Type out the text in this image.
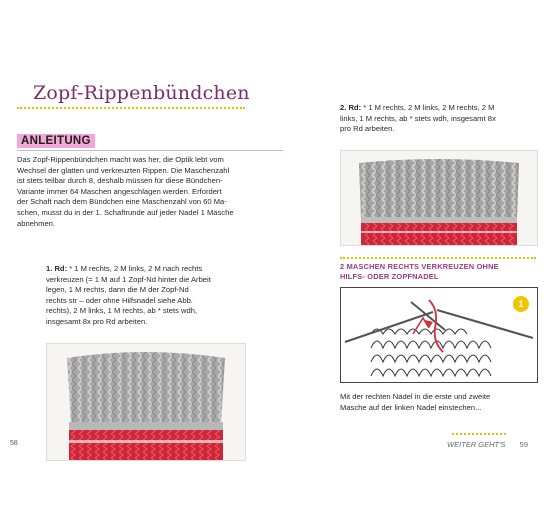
Zopf-Rippenbündchen
ANLEITUNG
Das Zopf-Rippenbündchen macht was her, die Optik lebt vom
Wechsel der glatten und verkreuzten Rippen. Die Maschenzahl
ist stets teilbar durch 8, deshalb müssen für diese Bündchen-
Variante immer 64 Maschen angeschlagen werden. Erfordert
der Schaft nach dem Bündchen eine Maschenzahl von 60 Ma-
schen, musst du in der 1. Schaftrunde auf jeder Nadel 1 Masche
abnehmen.
1. Rd: * 1 M rechts, 2 M links, 2 M nach rechts
verkreuzen (= 1 M auf 1 Zopf-Nd hinter die Arbeit
legen, 1 M rechts, dann die M der Zopf-Nd
rechts str – oder ohne Hilfsnadel siehe Abb.
rechts), 2 M links, 1 M rechts, ab * stets wdh,
insgesamt 8x pro Rd arbeiten.
58
2. Rd: * 1 M rechts, 2 M links, 2 M rechts, 2 M
links, 1 M rechts, ab * stets wdh, insgesamt 8x
pro Rd arbeiten.
2 MASCHEN RECHTS VERKREUZEN OHNE
HILFS- ODER ZOPFNADEL
1
Mit der rechten Nadel in die erste und zweite
Masche auf der linken Nadel einstechen...
WEITER GEHT'S 59
